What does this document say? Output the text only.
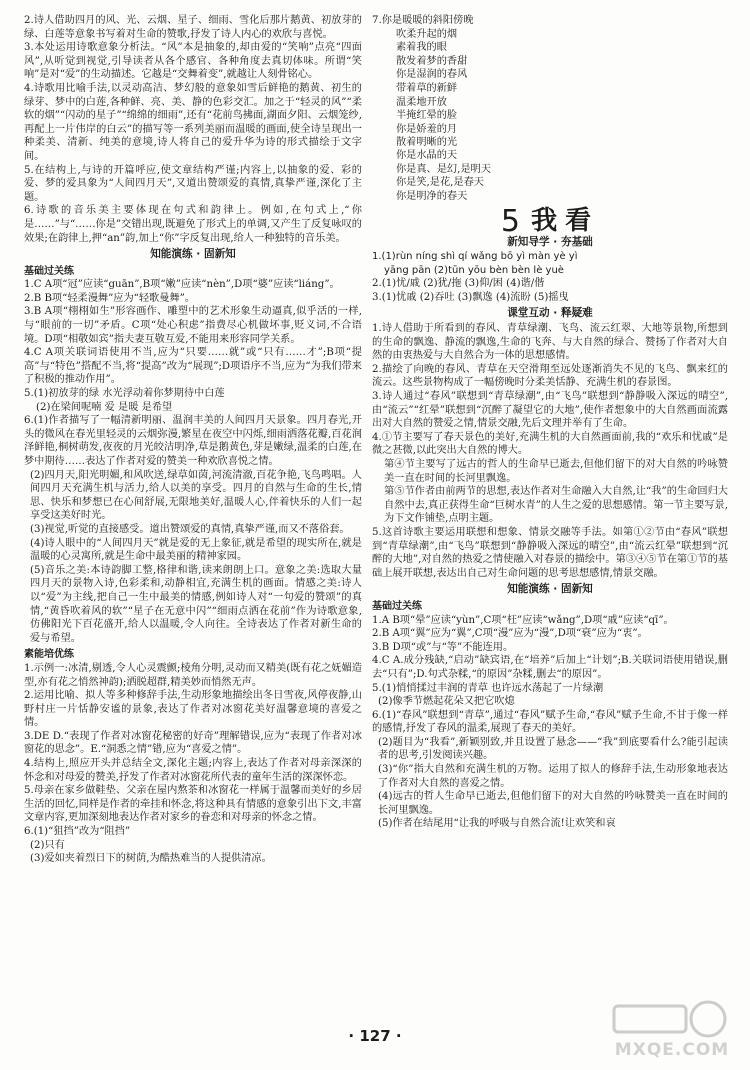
2.诗人借助四月的风、光、云烟、星子、细雨、雪化后那片鹅黄、初放芽的绿、白莲等意象书写着对生命的赞歌,抒发了诗人内心的欢欣与喜悦。

3.本处运用诗歌意象分析法。“风”本是抽象的,却由爱的“笑响”点亮“四面风”,从听觉到视觉,引导读者从各个感官、各种角度去真切体味。所谓“笑响”是对“爱”的生动描述。它越是“交舞着变”,就越让人刻骨铭心。

4.诗歌用比喻手法,以灵动高洁、梦幻般的意象如雪后鲜艳的鹅黄、初生的绿芽、梦中的白莲,各种鲜、亮、美、静的色彩交汇。加之于“轻灵的风”“柔软的烟”“闪动的星子”“绵绵的细雨”,还有“花前鸟拂面,湖面夕阳、云烟笼纱,再配上一片伟岸的白云”的描写等一系列美丽而温暖的画面,使全诗呈现出一种柔美、清新、纯美的意境,诗人将自己的爱升华为诗的形式描绘于文字间。

5.在结构上,与诗的开篇呼应,使文章结构严谨;内容上,以抽象的爱、彩的爱、梦的爱具象为“人间四月天”,又道出赞颂爱的真情,真挚严谨,深化了主题。

6.诗歌的音乐美主要体现在句式和韵律上。例如,在句式上,“你是……”与“……你是”交错出现,既避免了形式上的单调,又产生了反复咏叹的效果;在韵律上,押“an”韵,加上“你”字反复出现,给人一种独特的音乐美。

知能演练 · 固新知
基础过关练

1.C A项“冠”应读“guān”,B项“嫩”应读“nèn”,D项“婆”应读“liáng”。

2.B B项“轻柔漫舞”应为“轻歌曼舞”。

3.B A项“栩栩如生”形容画作、雕塑中的艺术形象生动逼真,似乎活的一样,与“眼前的一切”矛盾。C项“处心积虑”指费尽心机做坏事,贬义词,不合语境。D项“相敬如宾”指夫妻互敬互爱,不能用来形容同学关系。

4.C A项关联词语使用不当,应为“只要……就”或“只有……才”;B项“提高”与“特色”搭配不当,将“提高”改为“展现”;D项语序不当,应为“为我们带来了积极的推动作用”。

5.(1)初放芽的绿 水光浮动着你梦期待中白莲

(2)在梁间呢喃 爱 是暖 是希望

6.(1)作者描写了一幅清新明丽、温润丰美的人间四月天景象。四月春光,开头的微风在春光里轻灵的云烟弥漫,繁星在夜空中闪烁,细雨洒落花瓣,百花润泽鲜艳,桐树萌发,夜夜的月光皎洁明净,草是鹅黄色,芽是嫩绿,温柔的白莲,在梦中期待……表达了作者对爱的赞美一种欢欣喜悦之情。

(2)四月天,阳光明媚,和风吹送,绿草如茵,河流清澈,百花争艳,飞鸟鸣唱。人间四月天充满生机与活力,给人以美的享受。四月的自然与生命的生长,情思、快乐和梦想已在心间舒展,无限地美好,温暖人心,伴着快乐的人们一起享受这美好时光。

(3)视觉,听觉的直接感受。道出赞颂爱的真情,真挚严谨,而又不落俗套。

(4)诗人眼中的“人间四月天”就是爱的无上象征,就是希望的现实所在,就是温暖的心灵寓所,就是生命中最美丽的精神家园。

(5)音乐之美:本诗韵脚工整,格律和谐,读来朗朗上口。意象之美:选取大量四月天的景物入诗,色彩柔和,动静相宜,充满生机的画面。情感之美:诗人以“爱”为主线,把自己一生中最美的情感,例如诗人对“一句爱的赞颂”的真情,“黄昏吹着风的软”“星子在无意中闪”“细雨点洒在花前”作为诗歌意象,仿佛阳光下百花盛开,给人以温暖,令人向往。全诗表达了作者对新生命的爱与希望。

素能培优练

1.示例一:冰清,剔透,令人心灵震颤;棱角分明,灵动而又精美(既有花之妩媚造型,亦有花之悄然神韵);洒脱超群,精美妙而悄然无声。

2.运用比喻、拟人等多种修辞手法,生动形象地描绘出冬日雪夜,风停夜静,山野村庄一片恬静安谧的景象,表达了作者对冰窗花美好温馨意境的喜爱之情。

3.DE D.“表现了作者对冰窗花秘密的好奇”理解错误,应为“表现了作者对冰窗花的思念”。E.“洞悉之情”错,应为“喜爱之情”。

4.结构上,照应开头并总结全文,深化主题;内容上,表达了作者对母亲深深的怀念和对母爱的赞美,抒发了作者对冰窗花所代表的童年生活的深深怀恋。

5.母亲在家乡做鞋垫、父亲在屋内熬茶和冰窗花一样属于温馨而美好的乡居生活的回忆,同样是作者的牵挂和怀念,将这种具有情感的意象引出下文,丰富文章内容,更加深刻地表达作者对家乡的眷恋和对母亲的怀念之情。

6.(1)“狙挡”改为“阻挡”

(2)只有

(3)爱如夹着烈日下的树荫,为酷热难当的人提供清凉。

7.你是暖暖的斜阳傍晚

吹柔升起的烟
素着我的眼
散发着梦的香甜
你是湿润的春风
带着草的新鲜
温柔地开放
半掩红晕的脸
你是娇羞的月
散着明晰的光
你是水晶的天
你是真、是幻,是明天
你是笑,是花,是春天
你是明净的春天
5 我看
新知导学 · 夯基础

1.(1)rùn níng shì qí wǎng bō yì màn yè yì

yāng pān (2)tūn yōu bèn bèn lè yuè

2.(1)忧/戚 (2)犹/拖 (3)仰/困 (4)谐/偕

3.(1)忧戚 (2)吞吐 (3)飘逸 (4)流盼 (5)摇曳

课堂互动 · 释疑难

1.诗人借助于所看到的春风、青草绿潮、飞鸟、流云红翠、大地等景物,所想到的生命的飘逸、静流的飘逸,生命的飞奔、与大自然的绿合、赞扬了作者对大自然的由衷热爱与大自然合为一体的思想感情。

2.描绘了向晚的春风、青草在天空滑翔至远处逐渐消失不见的飞鸟、飘来红的流云。这些景物构成了一幅傍晚时分柔美恬静、充满生机的春景图。

3.诗人通过“春风”联想到“青草绿潮”,由“飞鸟”联想到“静静吸入深远的晴空”,由“流云”“红晕”联想到“沉醉了凝望它的大地”,使作者想象中的大自然画面流露出对大自然的赞爱之情,情景交融,先后文理并举有了生命。

4.①节主要写了春天景色的美好,充满生机的大自然画面前,我的“欢乐和忧戚”是微之甚微,以此突出大自然的博大。

第④节主要写了远古的哲人的生命早已逝去,但他们留下的对大自然的吟咏赞美一直在时间的长河里飘逸。

第⑤节作者由前两节的思想,表达作者对生命融入大自然,让“我”的生命回归大自然中去,真正获得生命“巨树水青”的人生之爱的思想感情。第一节主要写景,为下文作铺垫,点明主题。

5.这首诗歌主要运用联想和想象、情景交融等手法。如第①②节由“春风”联想到“青草绿潮”,由“飞鸟”联想到“静静吸入深远的晴空”,由“流云红晕”联想到“沉醉的大地”,对自然的热爱之情使融入对春景的描绘中。第③④⑤节在第①节的基础上展开联想,表达出自己对生命问题的思考思想感情,情景交融。

知能演练 · 固新知
基础过关练

1.A B项“晕”应读“yùn”,C项“枉”应读“wǎng”,D项“戚”应读“qī”。

2.B A项“翼”应为“翼”,C项“漫”应为“漫”,D项“衰”应为“衷”。

3.B D项“或”与“等”不能连用。

4.C A.成分残缺,“启动”缺宾语,在“培养”后加上“计划”;B.关联词语使用错误,删去“只有”;D.句式杂糅,“的原因”杂糅,删去“的原因”。

5.(1)悄悄揉过丰润的青草 也许远水荡起了一片绿潮

(2)像季节燃起花朵又把它吹熄

6.(1)“春风”联想到“青草”,通过“春风”赋予生命,“春风”赋予生命,不甘于像一样的感情,抒发了春风的温柔,展现了春天的美好。

(2)题目为“我看”,新颖别致,并且设置了悬念——“我”到底要看什么?能引起读者的思考,引发阅读兴趣。

(3)“你”指大自然和充满生机的万物。运用了拟人的修辞手法,生动形象地表达了作者对大自然的喜爱之情。

(4)远古的哲人生命早已逝去,但他们留下的对大自然的吟咏赞美一直在时间的长河里飘逸。

(5)作者在结尾用“让我的呼吸与自然合流!让欢笑和哀

· 127 ·
MXQE.COM
